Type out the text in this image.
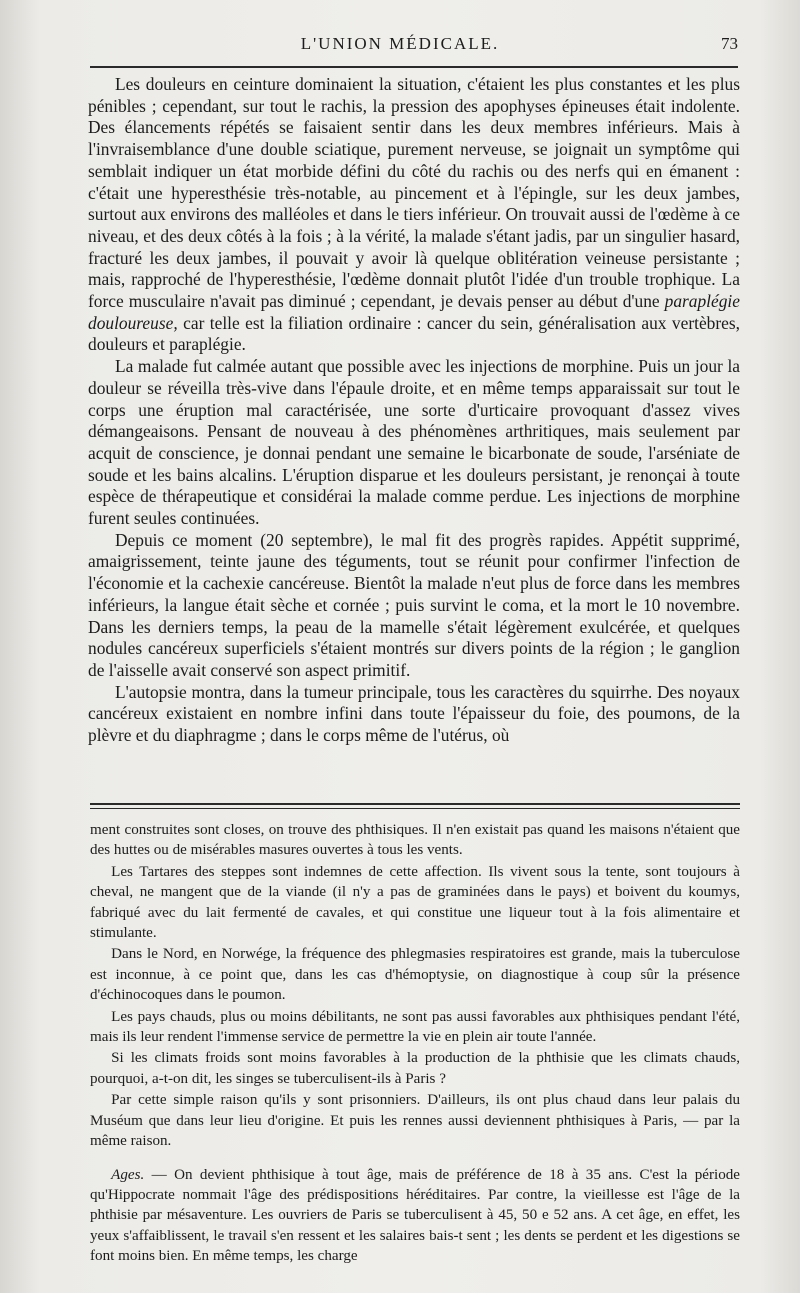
L'UNION MÉDICALE.	73

Les douleurs en ceinture dominaient la situation, c'étaient les plus constantes et les plus pénibles ; cependant, sur tout le rachis, la pression des apophyses épineuses était indolente. Des élancements répétés se faisaient sentir dans les deux membres inférieurs. Mais à l'invraisemblance d'une double sciatique, purement nerveuse, se joignait un symptôme qui semblait indiquer un état morbide défini du côté du rachis ou des nerfs qui en émanent : c'était une hyperesthésie très-notable, au pincement et à l'épingle, sur les deux jambes, surtout aux environs des malléoles et dans le tiers inférieur. On trouvait aussi de l'œdème à ce niveau, et des deux côtés à la fois ; à la vérité, la malade s'étant jadis, par un singulier hasard, fracturé les deux jambes, il pouvait y avoir là quelque oblitération veineuse persistante ; mais, rapproché de l'hyperesthésie, l'œdème donnait plutôt l'idée d'un trouble trophique. La force musculaire n'avait pas diminué ; cependant, je devais penser au début d'une paraplégie douloureuse, car telle est la filiation ordinaire : cancer du sein, généralisation aux vertèbres, douleurs et paraplégie.

La malade fut calmée autant que possible avec les injections de morphine. Puis un jour la douleur se réveilla très-vive dans l'épaule droite, et en même temps apparaissait sur tout le corps une éruption mal caractérisée, une sorte d'urticaire provoquant d'assez vives démangeaisons. Pensant de nouveau à des phénomènes arthritiques, mais seulement par acquit de conscience, je donnai pendant une semaine le bicarbonate de soude, l'arséniate de soude et les bains alcalins. L'éruption disparue et les douleurs persistant, je renonçai à toute espèce de thérapeutique et considérai la malade comme perdue. Les injections de morphine furent seules continuées.

Depuis ce moment (20 septembre), le mal fit des progrès rapides. Appétit supprimé, amaigrissement, teinte jaune des téguments, tout se réunit pour confirmer l'infection de l'économie et la cachexie cancéreuse. Bientôt la malade n'eut plus de force dans les membres inférieurs, la langue était sèche et cornée ; puis survint le coma, et la mort le 10 novembre. Dans les derniers temps, la peau de la mamelle s'était légèrement exulcérée, et quelques nodules cancéreux superficiels s'étaient montrés sur divers points de la région ; le ganglion de l'aisselle avait conservé son aspect primitif.

L'autopsie montra, dans la tumeur principale, tous les caractères du squirrhe. Des noyaux cancéreux existaient en nombre infini dans toute l'épaisseur du foie, des poumons, de la plèvre et du diaphragme ; dans le corps même de l'utérus, où

ment construites sont closes, on trouve des phthisiques. Il n'en existait pas quand les maisons n'étaient que des huttes ou de misérables masures ouvertes à tous les vents.

Les Tartares des steppes sont indemnes de cette affection. Ils vivent sous la tente, sont toujours à cheval, ne mangent que de la viande (il n'y a pas de graminées dans le pays) et boivent du koumys, fabriqué avec du lait fermenté de cavales, et qui constitue une liqueur tout à la fois alimentaire et stimulante.

Dans le Nord, en Norwége, la fréquence des phlegmasies respiratoires est grande, mais la tuberculose est inconnue, à ce point que, dans les cas d'hémoptysie, on diagnostique à coup sûr la présence d'échinocoques dans le poumon.

Les pays chauds, plus ou moins débilitants, ne sont pas aussi favorables aux phthisiques pendant l'été, mais ils leur rendent l'immense service de permettre la vie en plein air toute l'année.

Si les climats froids sont moins favorables à la production de la phthisie que les climats chauds, pourquoi, a-t-on dit, les singes se tuberculisent-ils à Paris ?

Par cette simple raison qu'ils y sont prisonniers. D'ailleurs, ils ont plus chaud dans leur palais du Muséum que dans leur lieu d'origine. Et puis les rennes aussi deviennent phthisiques à Paris, — par la même raison.

Ages. — On devient phthisique à tout âge, mais de préférence de 18 à 35 ans. C'est la période qu'Hippocrate nommait l'âge des prédispositions héréditaires. Par contre, la vieillesse est l'âge de la phthisie par mésaventure. Les ouvriers de Paris se tuberculisent à 45, 50 e 52 ans. A cet âge, en effet, les yeux s'affaiblissent, le travail s'en ressent et les salaires bais-t sent ; les dents se perdent et les digestions se font moins bien. En même temps, les charge
